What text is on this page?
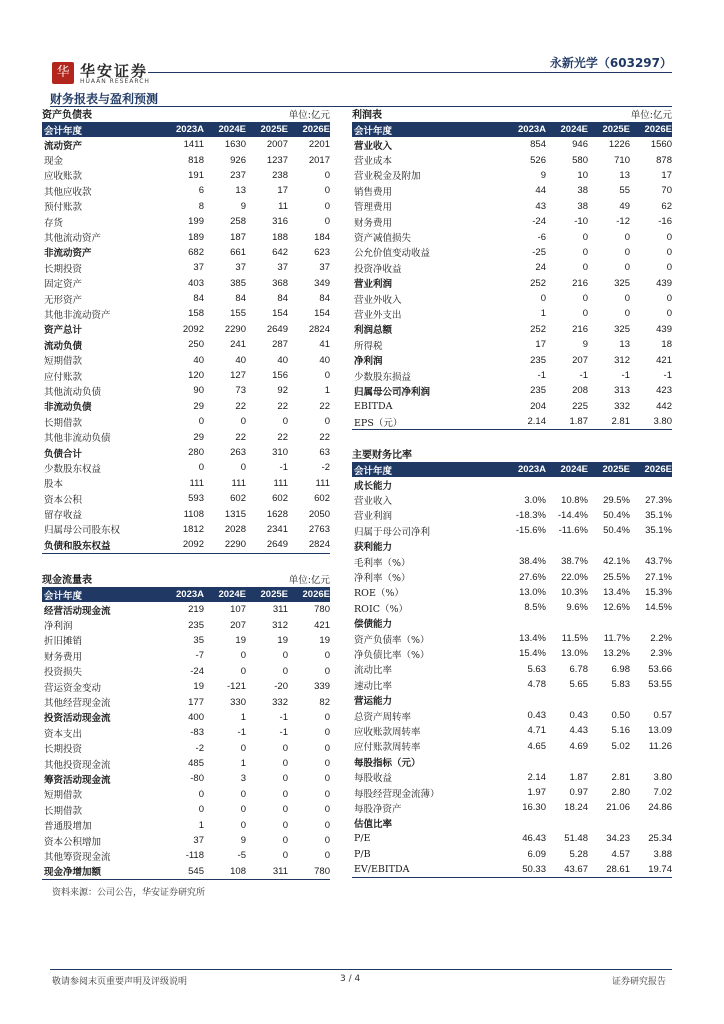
华 华安证券
HUAAN RESEARCH
永新光学（603297）
财务报表与盈利预测
资产负债表	单位:亿元
会计年度	2023A	2024E	2025E	2026E
流动资产	1411	1630	2007	2201
现金	818	926	1237	2017
应收账款	191	237	238	0
其他应收款	6	13	17	0
预付账款	8	9	11	0
存货	199	258	316	0
其他流动资产	189	187	188	184
非流动资产	682	661	642	623
长期投资	37	37	37	37
固定资产	403	385	368	349
无形资产	84	84	84	84
其他非流动资产	158	155	154	154
资产总计	2092	2290	2649	2824
流动负债	250	241	287	41
短期借款	40	40	40	40
应付账款	120	127	156	0
其他流动负债	90	73	92	1
非流动负债	29	22	22	22
长期借款	0	0	0	0
其他非流动负债	29	22	22	22
负债合计	280	263	310	63
少数股东权益	0	0	-1	-2
股本	111	111	111	111
资本公积	593	602	602	602
留存收益	1108	1315	1628	2050
归属母公司股东权	1812	2028	2341	2763
负债和股东权益	2092	2290	2649	2824
现金流量表	单位:亿元
会计年度	2023A	2024E	2025E	2026E
经营活动现金流	219	107	311	780
净利润	235	207	312	421
折旧摊销	35	19	19	19
财务费用	-7	0	0	0
投资损失	-24	0	0	0
营运资金变动	19	-121	-20	339
其他经营现金流	177	330	332	82
投资活动现金流	400	1	-1	0
资本支出	-83	-1	-1	0
长期投资	-2	0	0	0
其他投资现金流	485	1	0	0
筹资活动现金流	-80	3	0	0
短期借款	0	0	0	0
长期借款	0	0	0	0
普通股增加	1	0	0	0
资本公积增加	37	9	0	0
其他筹资现金流	-118	-5	0	0
现金净增加额	545	108	311	780
利润表	单位:亿元
会计年度	2023A	2024E	2025E	2026E
营业收入	854	946	1226	1560
营业成本	526	580	710	878
营业税金及附加	9	10	13	17
销售费用	44	38	55	70
管理费用	43	38	49	62
财务费用	-24	-10	-12	-16
资产减值损失	-6	0	0	0
公允价值变动收益	-25	0	0	0
投资净收益	24	0	0	0
营业利润	252	216	325	439
营业外收入	0	0	0	0
营业外支出	1	0	0	0
利润总额	252	216	325	439
所得税	17	9	13	18
净利润	235	207	312	421
少数股东损益	-1	-1	-1	-1
归属母公司净利润	235	208	313	423
EBITDA	204	225	332	442
EPS（元）	2.14	1.87	2.81	3.80
主要财务比率
会计年度	2023A	2024E	2025E	2026E
成长能力
营业收入	3.0%	10.8%	29.5%	27.3%
营业利润	-18.3%	-14.4%	50.4%	35.1%
归属于母公司净利	-15.6%	-11.6%	50.4%	35.1%
获利能力
毛利率（%）	38.4%	38.7%	42.1%	43.7%
净利率（%）	27.6%	22.0%	25.5%	27.1%
ROE（%）	13.0%	10.3%	13.4%	15.3%
ROIC（%）	8.5%	9.6%	12.6%	14.5%
偿债能力
资产负债率（%）	13.4%	11.5%	11.7%	2.2%
净负债比率（%）	15.4%	13.0%	13.2%	2.3%
流动比率	5.63	6.78	6.98	53.66
速动比率	4.78	5.65	5.83	53.55
营运能力
总资产周转率	0.43	0.43	0.50	0.57
应收账款周转率	4.71	4.43	5.16	13.09
应付账款周转率	4.65	4.69	5.02	11.26
每股指标（元）
每股收益	2.14	1.87	2.81	3.80
每股经营现金流薄）	1.97	0.97	2.80	7.02
每股净资产	16.30	18.24	21.06	24.86
估值比率
P/E	46.43	51.48	34.23	25.34
P/B	6.09	5.28	4.57	3.88
EV/EBITDA	50.33	43.67	28.61	19.74
资料来源：公司公告，华安证券研究所
敬请参阅末页重要声明及评级说明	3 / 4	证券研究报告
